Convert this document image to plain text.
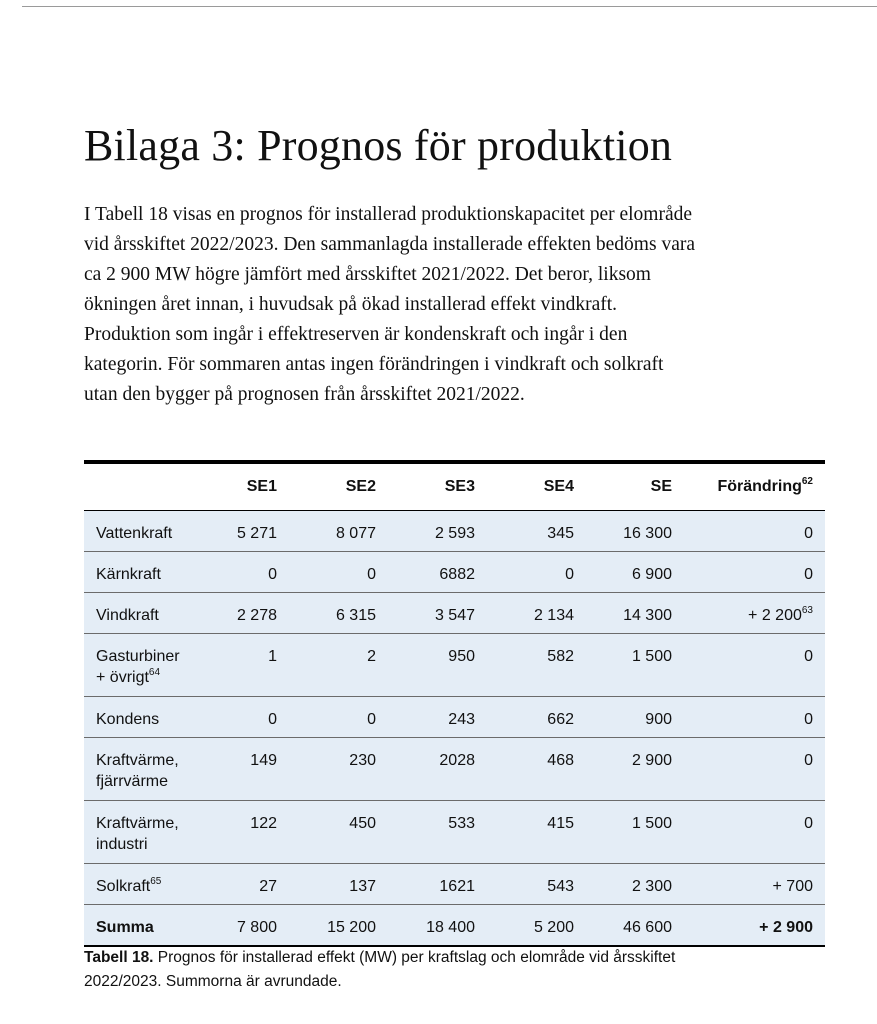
Bilaga 3: Prognos för produktion
I Tabell 18 visas en prognos för installerad produktionskapacitet per elområde
vid årsskiftet 2022/2023. Den sammanlagda installerade effekten bedöms vara
ca 2 900 MW högre jämfört med årsskiftet 2021/2022. Det beror, liksom
ökningen året innan, i huvudsak på ökad installerad effekt vindkraft.
Produktion som ingår i effektreserven är kondenskraft och ingår i den
kategorin. För sommaren antas ingen förändringen i vindkraft och solkraft
utan den bygger på prognosen från årsskiftet 2021/2022.
	SE1	SE2	SE3	SE4	SE	Förändring$^{62}$

Vattenkraft	5 271	8 077	2 593	345	16 300	0

Kärnkraft	0	0	6882	0	6 900	0

Vindkraft	2 278	6 315	3 547	2 134	14 300	+ 2 $200^{63}$

Gasturbiner
+ övrigt$^{64}$	1	2	950	582	1 500	0

Kondens	0	0	243	662	900	0

Kraftvärme,
fjärrvärme	149	230	2028	468	2 900	0

Kraftvärme,
industri	122	450	533	415	1 500	0

Solkraft$^{65}$	27	137	1621	543	2 300	+ 700
Summa	7 800	15 200	18 400	5 200	46 600	+ 2 900
Tabell 18. Prognos för installerad effekt (MW) per kraftslag och elområde vid årsskiftet
2022/2023. Summorna är avrundade.
